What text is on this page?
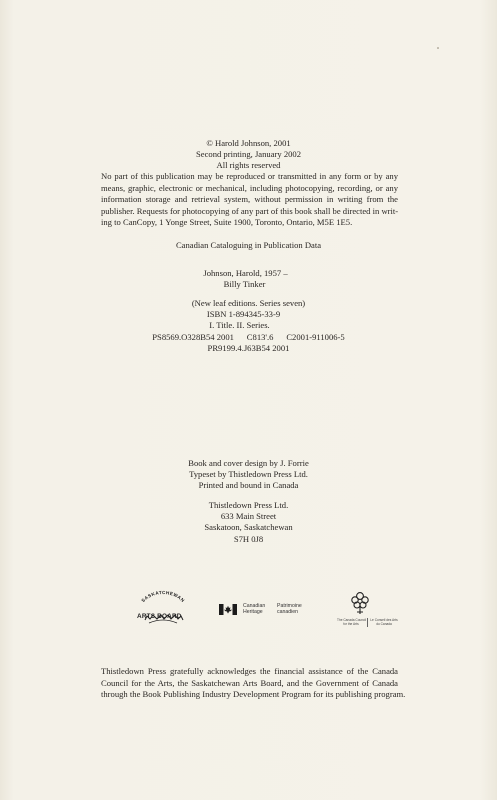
© Harold Johnson, 2001
Second printing, January 2002
All rights reserved
No part of this publication may be reproduced or transmitted in any form or by any
means, graphic, electronic or mechanical, including photocopying, recording, or any
information storage and retrieval system, without permission in writing from the
publisher. Requests for photocopying of any part of this book shall be directed in writ-
ing to CanCopy, 1 Yonge Street, Suite 1900, Toronto, Ontario, M5E 1E5.
Canadian Cataloguing in Publication Data
Johnson, Harold, 1957 –
Billy Tinker
(New leaf editions. Series seven)
ISBN 1-894345-33-9
I. Title. II. Series.
PS8569.O328B54 2001      C813'.6      C2001-911006-5
PR9199.4.J63B54 2001
Book and cover design by J. Forrie
Typeset by Thistledown Press Ltd.
Printed and bound in Canada
Thistledown Press Ltd.
633 Main Street
Saskatoon, Saskatchewan
S7H 0J8
SASKATCHEWAN
ARTS BOARD
Canadian
Heritage
Patrimoine
canadien
The Canada Council
for the Arts
Le Conseil des Arts
du Canada
Thistledown Press gratefully acknowledges the financial assistance of the Canada
Council for the Arts, the Saskatchewan Arts Board, and the Government of Canada
through the Book Publishing Industry Development Program for its publishing program.
